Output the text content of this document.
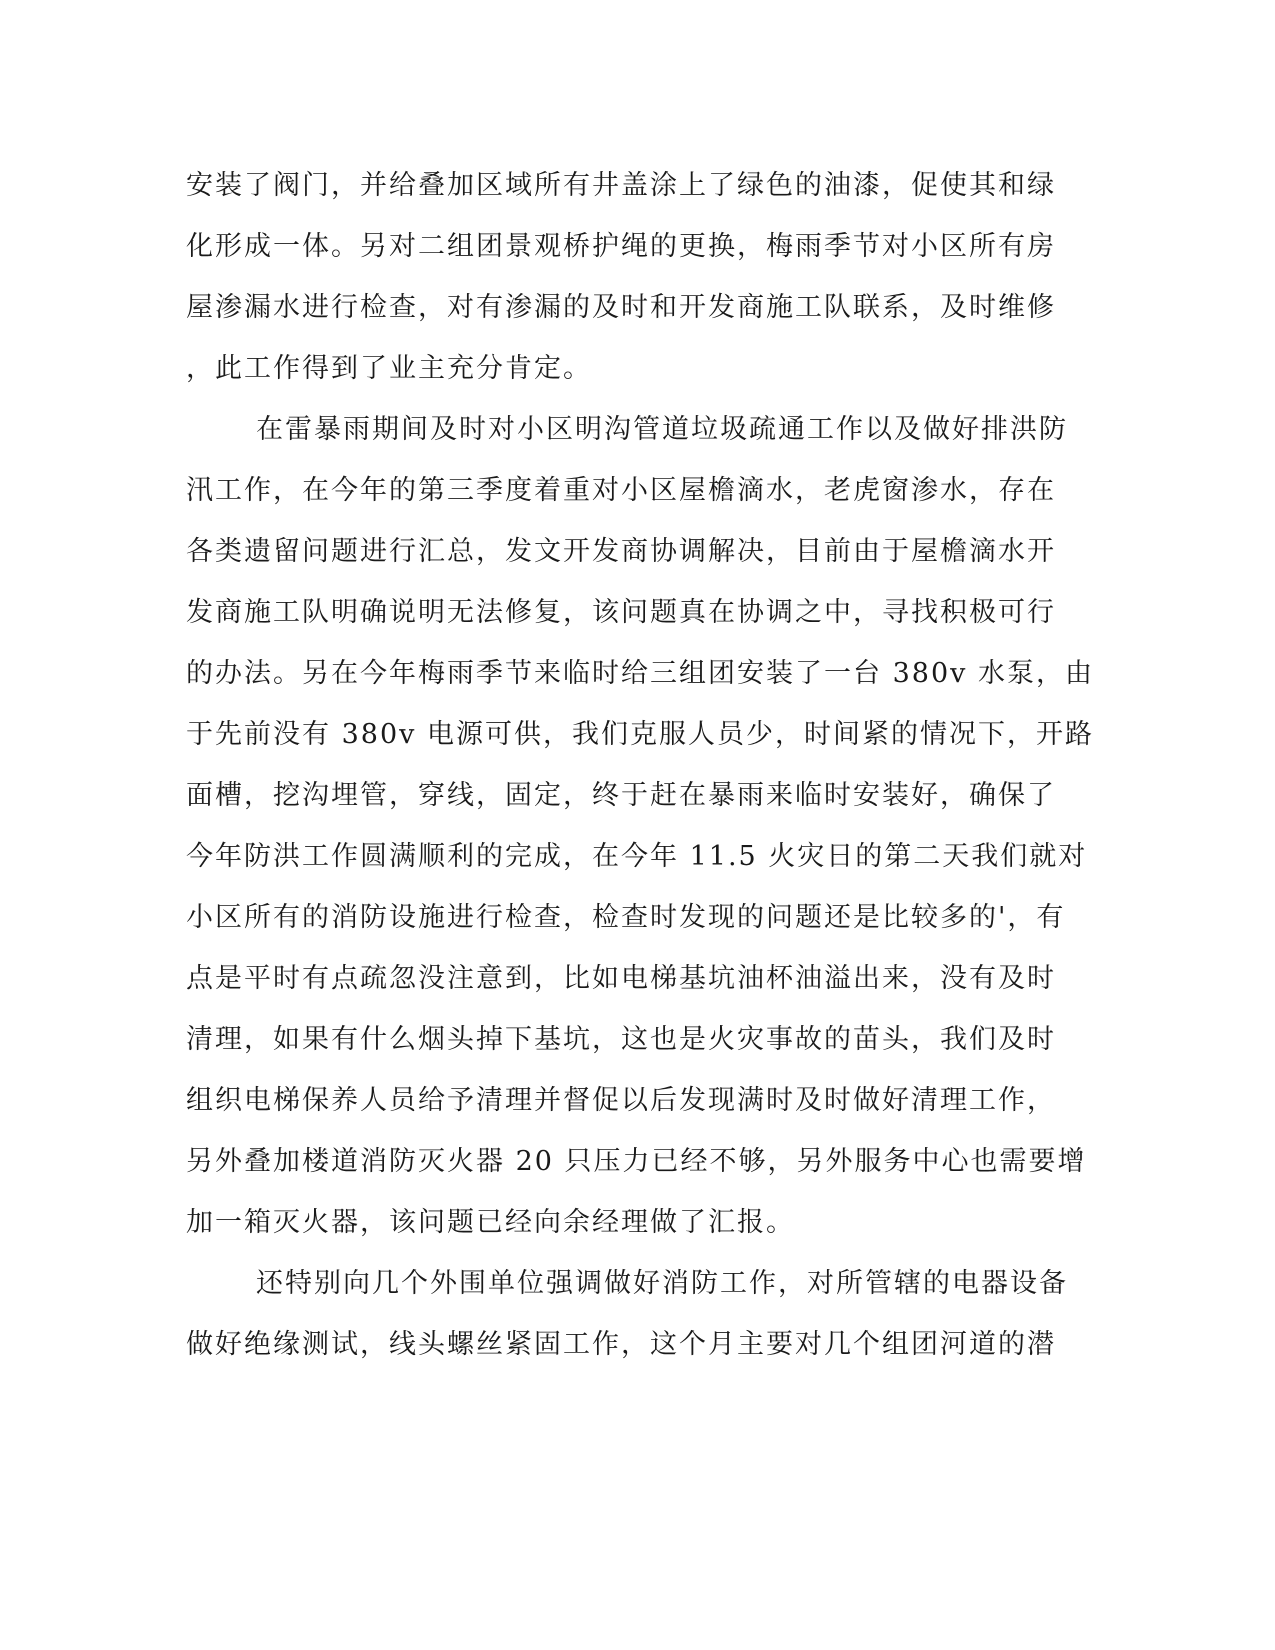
安装了阀门，并给叠加区域所有井盖涂上了绿色的油漆，促使其和绿
化形成一体。另对二组团景观桥护绳的更换，梅雨季节对小区所有房
屋渗漏水进行检查，对有渗漏的及时和开发商施工队联系，及时维修
，此工作得到了业主充分肯定。
在雷暴雨期间及时对小区明沟管道垃圾疏通工作以及做好排洪防
汛工作，在今年的第三季度着重对小区屋檐滴水，老虎窗渗水，存在
各类遗留问题进行汇总，发文开发商协调解决，目前由于屋檐滴水开
发商施工队明确说明无法修复，该问题真在协调之中，寻找积极可行
的办法。另在今年梅雨季节来临时给三组团安装了一台 380v 水泵，由
于先前没有 380v 电源可供，我们克服人员少，时间紧的情况下，开路
面槽，挖沟埋管，穿线，固定，终于赶在暴雨来临时安装好，确保了
今年防洪工作圆满顺利的完成，在今年 11.5 火灾日的第二天我们就对
小区所有的消防设施进行检查，检查时发现的问题还是比较多的'，有
点是平时有点疏忽没注意到，比如电梯基坑油杯油溢出来，没有及时
清理，如果有什么烟头掉下基坑，这也是火灾事故的苗头，我们及时
组织电梯保养人员给予清理并督促以后发现满时及时做好清理工作，
另外叠加楼道消防灭火器 20 只压力已经不够，另外服务中心也需要增
加一箱灭火器，该问题已经向余经理做了汇报。
还特别向几个外围单位强调做好消防工作，对所管辖的电器设备
做好绝缘测试，线头螺丝紧固工作，这个月主要对几个组团河道的潜
